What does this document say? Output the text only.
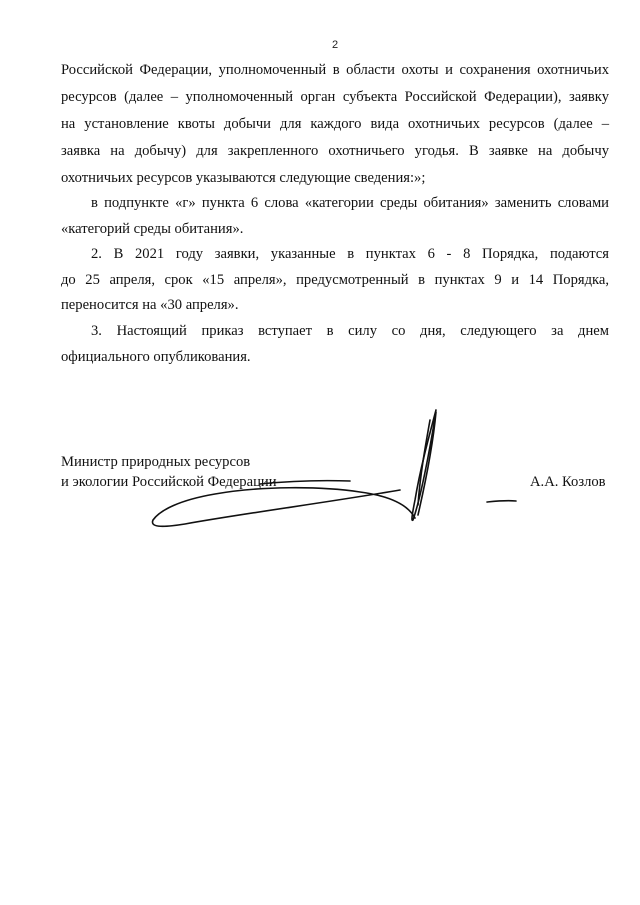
2
Российской Федерации, уполномоченный в области охоты и сохранения охотничьих
ресурсов (далее – уполномоченный орган субъекта Российской Федерации), заявку
на установление квоты добычи для каждого вида охотничьих ресурсов (далее –
заявка на добычу) для закрепленного охотничьего угодья. В заявке на добычу
охотничьих ресурсов указываются следующие сведения:»;
в подпункте «г» пункта 6 слова «категории среды обитания» заменить словами
«категорий среды обитания».
2. В 2021 году заявки, указанные в пунктах 6 - 8 Порядка, подаются
до 25 апреля, срок «15 апреля», предусмотренный в пунктах 9 и 14 Порядка,
переносится на «30 апреля».
3. Настоящий приказ вступает в силу со дня, следующего за днем
официального опубликования.
Министр природных ресурсов
и экологии Российской Федерации	А.А. Козлов
